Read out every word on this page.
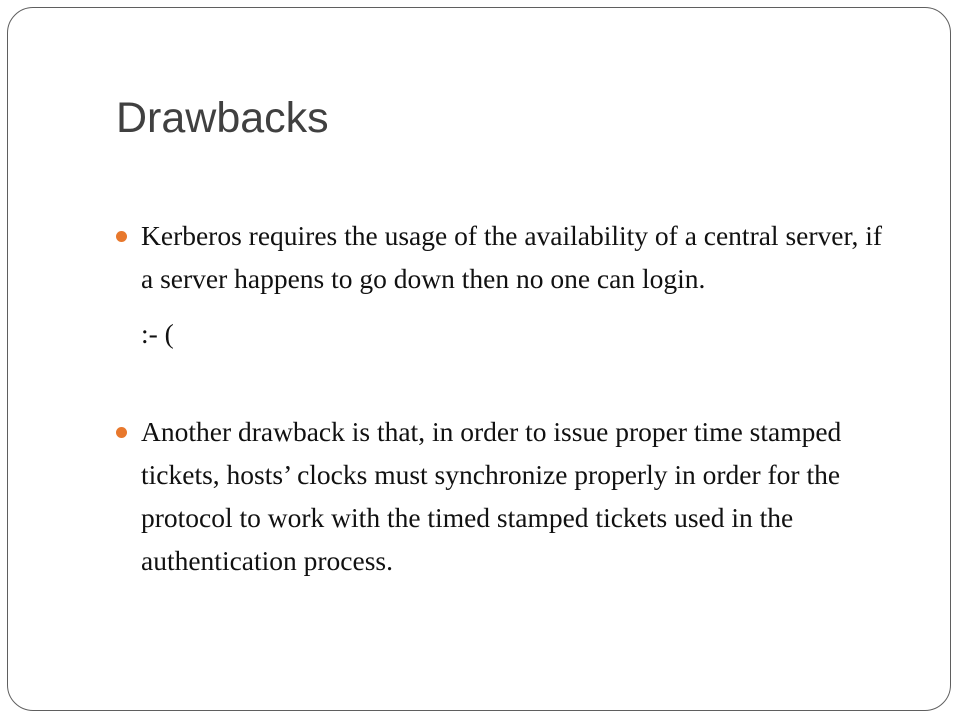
Drawbacks
Kerberos requires the usage of the availability of a central server, if a server happens to go down then no one can login.
:- (
Another drawback is that, in order to issue proper time stamped tickets, hosts’ clocks must synchronize properly in order for the protocol to work with the timed stamped tickets used in the authentication process.
